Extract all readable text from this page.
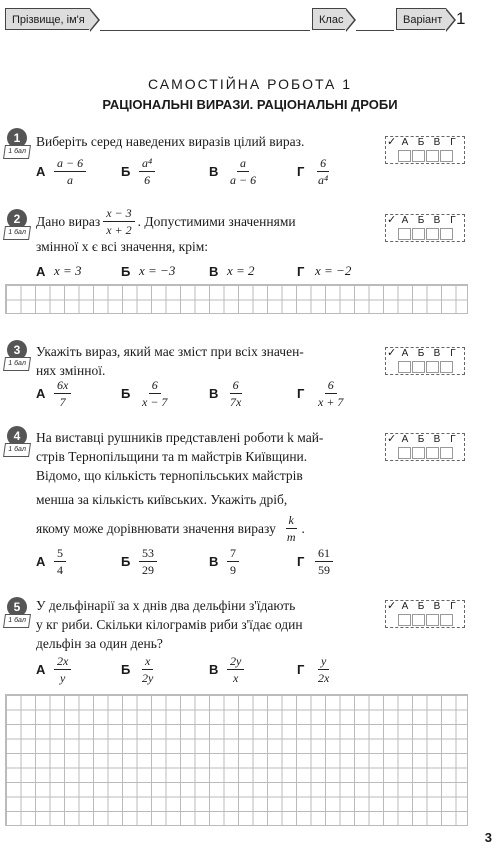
Прізвище, ім'я	Клас	Варіант 1
САМОСТІЙНА РОБОТА 1
РАЦІОНАЛЬНІ ВИРАЗИ. РАЦІОНАЛЬНІ ДРОБИ
1
1 бал
Виберіть серед наведених виразів цілий вираз.	✓ А Б В Г
А $\frac{a - 6}{a}$	Б $\frac{\text{a⁴}}{6}$	В $\frac{a}{a - 6}$	Г $\frac{6}{\text{a⁴}}$
2
1 бал
Дано вираз $\frac{x - 3}{x + 2}$ . Допустимими значеннями
змінної x є всі значення, крім:
✓ А Б В Г
А x = 3	Б x = −3	В x = 2	Г x = −2
3
1 бал
Укажіть вираз, який має зміст при всіх значен-
нях змінної.
✓ А Б В Г
А $\frac{6x}{7}$	Б $\frac{6}{x - 7}$	В $\frac{6}{7x}$	Г $\frac{6}{x + 7}$
4
1 бал
На виставці рушників представлені роботи k май-
стрів Тернопільщини та m майстрів Київщини.
Відомо, що кількість тернопільських майстрів
менша за кількість київських. Укажіть дріб,
якому може дорівнювати значення виразу $\frac{k}{m}$ .
✓ А Б В Г
А $\frac{5}{4}$	Б $\frac{53}{29}$	В $\frac{7}{9}$	Г $\frac{61}{59}$
5
1 бал
У дельфінарії за x днів два дельфіни з'їдають
y кг риби. Скільки кілограмів риби з'їдає один
дельфін за один день?
✓ А Б В Г
А $\frac{2x}{y}$	Б $\frac{x}{2y}$	В $\frac{2y}{x}$	Г $\frac{y}{2x}$
3
